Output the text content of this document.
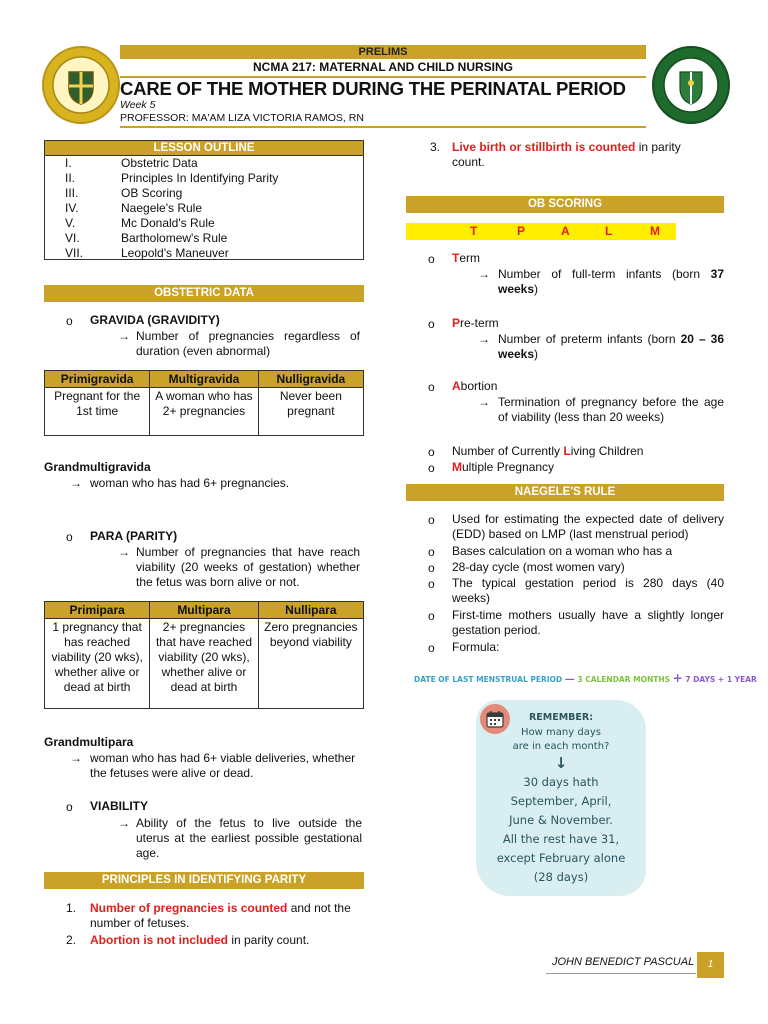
PRELIMS
NCMA 217: MATERNAL AND CHILD NURSING
CARE OF THE MOTHER DURING THE PERINATAL PERIOD
Week 5
PROFESSOR: MA'AM LIZA VICTORIA RAMOS, RN
LESSON OUTLINE
I.	Obstetric Data
II.	Principles In Identifying Parity
III.	OB Scoring
IV.	Naegele's Rule
V.	Mc Donald's Rule
VI.	Bartholomew's Rule
VII.	Leopold's Maneuver
OBSTETRIC DATA
o GRAVIDA (GRAVIDITY)
→ Number of pregnancies regardless of duration (even abnormal)

Primigravida	Multigravida	Nulligravida
Pregnant for the 1st time	A woman who has 2+ pregnancies	Never been pregnant
Grandmultigravida
→ woman who has had 6+ pregnancies.
o PARA (PARITY)
→ Number of pregnancies that have reach viability (20 weeks of gestation) whether the fetus was born alive or not.

Primipara	Multipara	Nullipara
1 pregnancy that has reached viability (20 wks), whether alive or dead at birth	2+ pregnancies that have reached viability (20 wks), whether alive or dead at birth	Zero pregnancies beyond viability
Grandmultipara
→ woman who has had 6+ viable deliveries, whether the fetuses were alive or dead.

o VIABILITY
→ Ability of the fetus to live outside the uterus at the earliest possible gestational age.

PRINCIPLES IN IDENTIFYING PARITY
1. Number of pregnancies is counted and not the number of fetuses.

2. Abortion is not included in parity count.

3. Live birth or stillbirth is counted in parity count.

OB SCORING
T	P	A	L	M
o Term
→ Number of full-term infants (born 37 weeks)

o Pre-term
→ Number of preterm infants (born 20 – 36 weeks)

o Abortion
→ Termination of pregnancy before the age of viability (less than 20 weeks)

o Number of Currently Living Children
o Multiple Pregnancy
NAEGELE'S RULE
o Used for estimating the expected date of delivery (EDD) based on LMP (last menstrual period)

o Bases calculation on a woman who has a

o 28-day cycle (most women vary)

o The typical gestation period is 280 days (40 weeks)

o First-time mothers usually have a slightly longer gestation period.

o Formula:

DATE OF LAST MENSTRUAL PERIOD — 3 CALENDAR MONTHS + 7 DAYS + 1 YEAR
REMEMBER:
How many days
are in each month?
↓
30 days hath
September, April,
June & November.
All the rest have 31,
except February alone
(28 days)
JOHN BENEDICT PASCUAL	1
